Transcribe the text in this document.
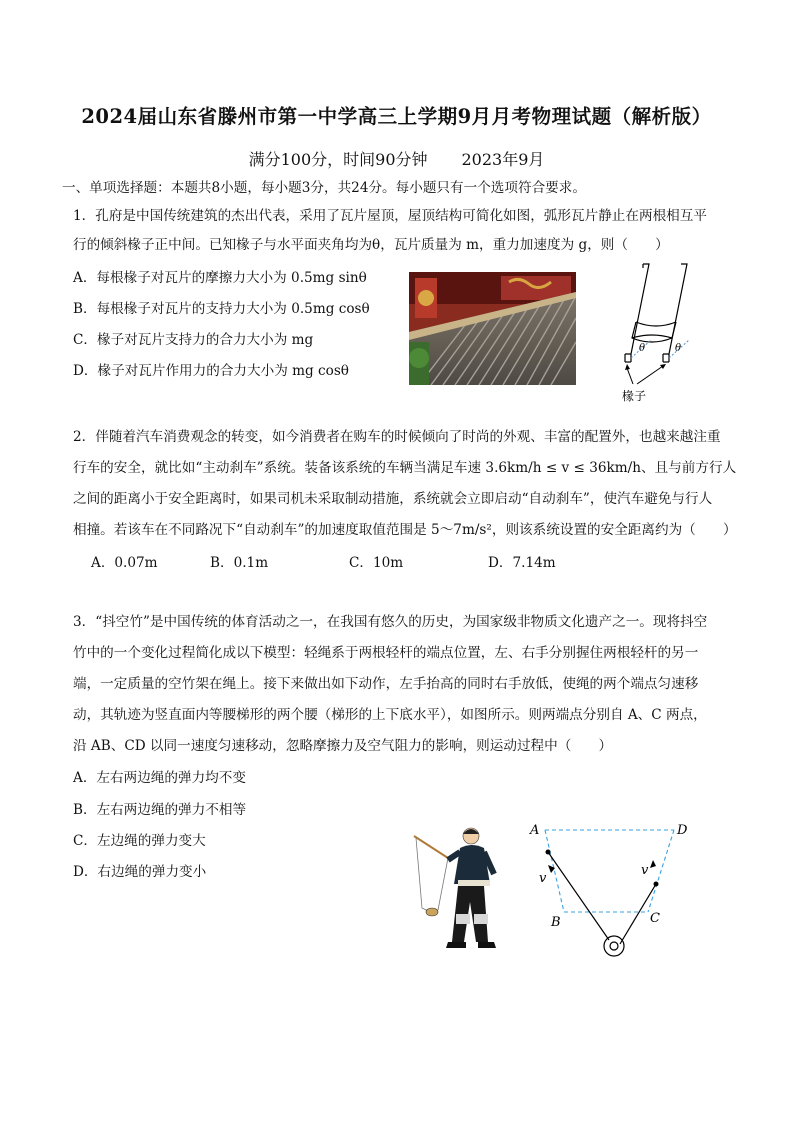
2024届山东省滕州市第一中学高三上学期9月月考物理试题（解析版）
满分100分，时间90分钟 2023年9月
一、单项选择题：本题共8小题，每小题3分，共24分。每小题只有一个选项符合要求。
1．孔府是中国传统建筑的杰出代表，采用了瓦片屋顶，屋顶结构可简化如图，弧形瓦片静止在两根相互平
行的倾斜椽子正中间。已知椽子与水平面夹角均为θ，瓦片质量为 m，重力加速度为 g，则（　　）
A．每根椽子对瓦片的摩擦力大小为 0.5mg sinθ
B．每根椽子对瓦片的支持力大小为 0.5mg cosθ
C．椽子对瓦片支持力的合力大小为 mg
D．椽子对瓦片作用力的合力大小为 mg cosθ
θ	θ
椽子
2．伴随着汽车消费观念的转变，如今消费者在购车的时候倾向了时尚的外观、丰富的配置外，也越来越注重
行车的安全，就比如“主动刹车”系统。装备该系统的车辆当满足车速 3.6km/h ≤ v ≤ 36km/h、且与前方行人
之间的距离小于安全距离时，如果司机未采取制动措施，系统就会立即启动“自动刹车”，使汽车避免与行人
相撞。若该车在不同路况下“自动刹车”的加速度取值范围是 5～7m/s²，则该系统设置的安全距离约为（　　）
A．0.07m	B．0.1m	C．10m	D．7.14m
3．“抖空竹”是中国传统的体育活动之一，在我国有悠久的历史，为国家级非物质文化遗产之一。现将抖空
竹中的一个变化过程简化成以下模型：轻绳系于两根轻杆的端点位置，左、右手分别握住两根轻杆的另一
端，一定质量的空竹架在绳上。接下来做出如下动作，左手抬高的同时右手放低，使绳的两个端点匀速移
动，其轨迹为竖直面内等腰梯形的两个腰（梯形的上下底水平），如图所示。则两端点分别自 A、C 两点，
沿 AB、CD 以同一速度匀速移动，忽略摩擦力及空气阻力的影响，则运动过程中（　　）
A．左右两边绳的弹力均不变
B．左右两边绳的弹力不相等
C．左边绳的弹力变大
D．右边绳的弹力变小
A	D
B	C
v
v
